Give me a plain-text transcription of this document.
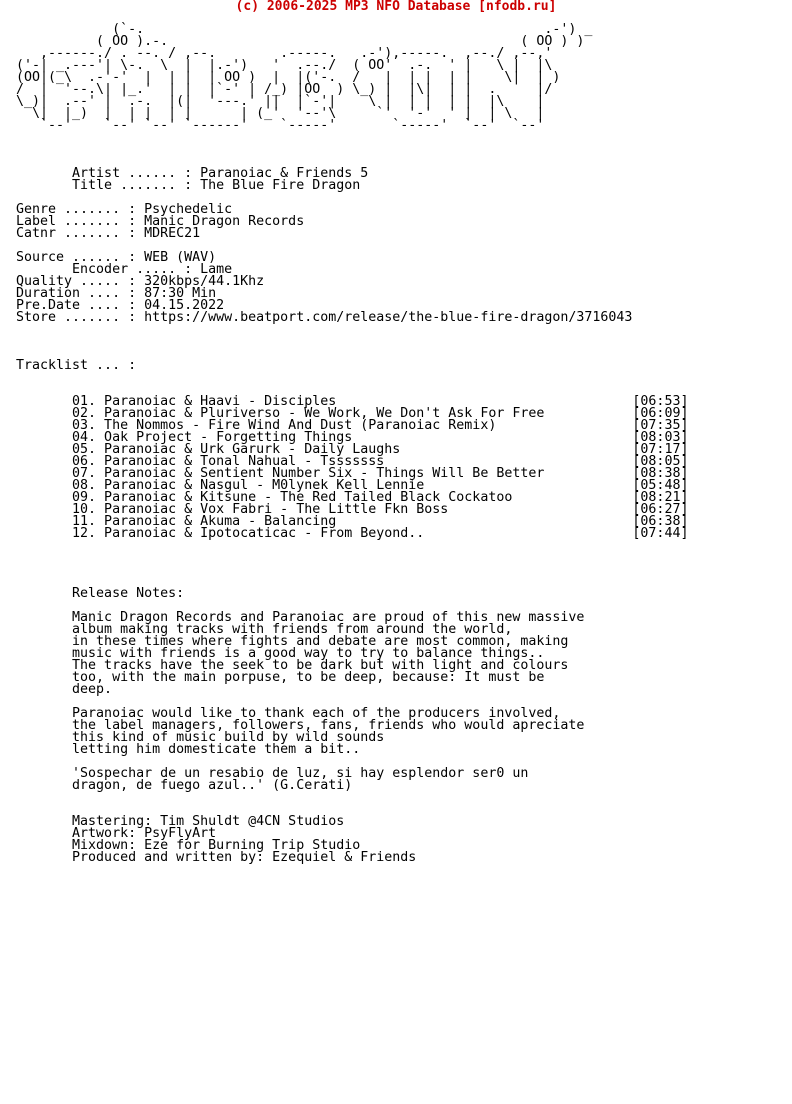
(c) 2006-2025 MP3 NFO Database [nfodb.ru]
(`-.                                                  .-') _
( OO ).-.                                            ( OO ) )
,------./ . --. / ,--.        .-----.   .-'),-----.  ,--./ ,--,'
('-| _.---'| \-.  \  |  |.-')   '  .--./  ( OO'  .-.  ' |   \ |  |\
(OO|(_\  .-'-'  |  | |  | OO )  |  |('-.  /   |  | |  | |    \|  | )
/  |  '--.\| |_.'  | |  |`-' | /_) |OO  ) \_) |  |\|  | |  .     |/
\_)|  .--' |  .-.  |(|  '---.' ||  |`-'|    \ |  | |  | |  |\    |
\|  |_)  |  | |  | |      | (_'  '--'\     `'  '-'  ' |  | \   |
`--'    `--' `--' `------'    `-----'       `-----'  `--'  `--'

Artist ...... : Paranoiac & Friends 5
Title ....... : The Blue Fire Dragon

Genre ....... : Psychedelic
Label ....... : Manic Dragon Records
Catnr ....... : MDREC21

Source ...... : WEB (WAV)
Encoder ..... : Lame
Quality ..... : 320kbps/44.1Khz
Duration .... : 87:30 Min
Pre.Date .... : 04.15.2022
Store ....... : https://www.beatport.com/release/the-blue-fire-dragon/3716043

Tracklist ... :

01. Paranoiac & Haavi - Disciples                                     [06:53]
02. Paranoiac & Pluriverso - We Work, We Don't Ask For Free           [06:09]
03. The Nommos - Fire Wind And Dust (Paranoiac Remix)                 [07:35]
04. Oak Project - Forgetting Things                                   [08:03]
05. Paranoiac & Urk Garurk - Daily Laughs                             [07:17]
06. Paranoiac & Tonal Nahual - Tsssssss                               [08:05]
07. Paranoiac & Sentient Number Six - Things Will Be Better           [08:38]
08. Paranoiac & Nasgul - M0lynek Kell Lennie                          [05:48]
09. Paranoiac & Kitsune - The Red Tailed Black Cockatoo               [08:21]
10. Paranoiac & Vox Fabri - The Little Fkn Boss                       [06:27]
11. Paranoiac & Akuma - Balancing                                     [06:38]
12. Paranoiac & Ipotocaticac - From Beyond..                          [07:44]

Release Notes:

Manic Dragon Records and Paranoiac are proud of this new massive
album making tracks with friends from around the world,
in these times where fights and debate are most common, making
music with friends is a good way to try to balance things..
The tracks have the seek to be dark but with light and colours
too, with the main porpuse, to be deep, because: It must be
deep.

Paranoiac would like to thank each of the producers involved,
the label managers, followers, fans, friends who would apreciate
this kind of music build by wild sounds
letting him domesticate them a bit..

'Sospechar de un resabio de luz, si hay esplendor ser0 un
dragon, de fuego azul..' (G.Cerati)

Mastering: Tim Shuldt @4CN Studios
Artwork: PsyFlyArt
Mixdown: Eze for Burning Trip Studio
Produced and written by: Ezequiel & Friends
